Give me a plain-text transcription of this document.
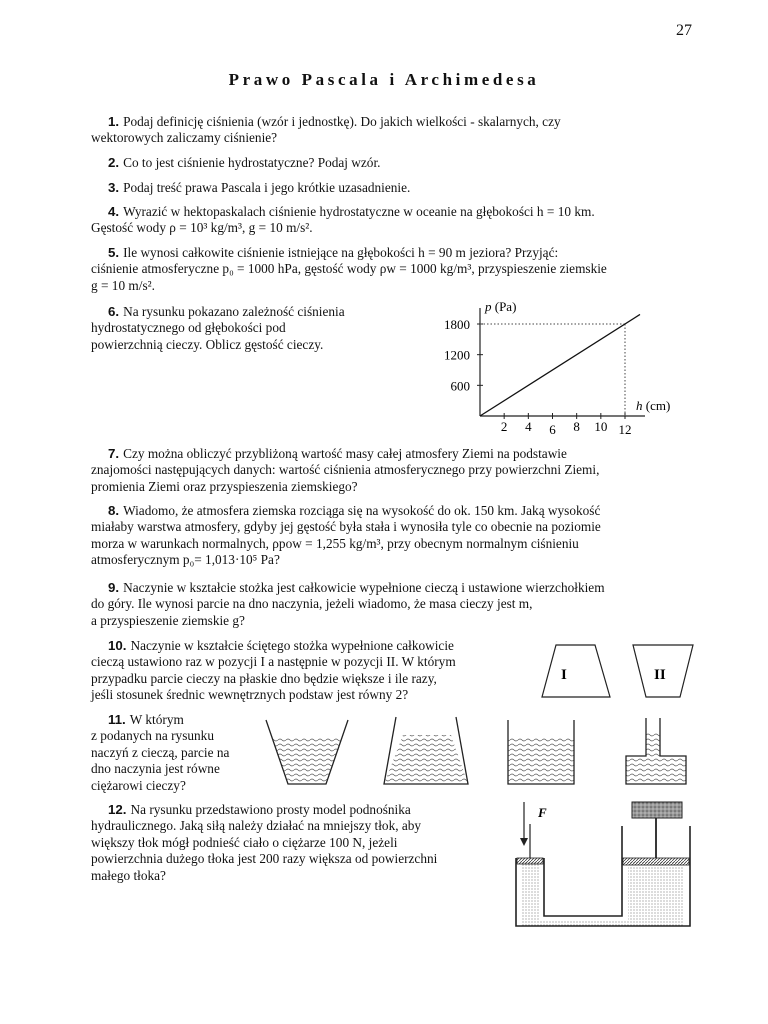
27
Prawo Pascala i Archimedesa
1. Podaj definicję ciśnienia (wzór i jednostkę). Do jakich wielkości - skalarnych, czy
wektorowych zaliczamy ciśnienie?
2. Co to jest ciśnienie hydrostatyczne? Podaj wzór.
3. Podaj treść prawa Pascala i jego krótkie uzasadnienie.
4. Wyrazić w hektopaskalach ciśnienie hydrostatyczne w oceanie na głębokości h = 10 km.
Gęstość wody ρ = 10³ kg/m³, g = 10 m/s².
5. Ile wynosi całkowite ciśnienie istniejące na głębokości h = 90 m jeziora? Przyjąć:
ciśnienie atmosferyczne p₀ = 1000 hPa, gęstość wody ρw = 1000 kg/m³, przyspieszenie ziemskie
g = 10 m/s².
6. Na rysunku pokazano zależność ciśnienia
hydrostatycznego od głębokości pod
powierzchnią cieczy. Oblicz gęstość cieczy.
p (Pa)
h (cm)
600
1200
1800
2 4 6 8 10 12
7. Czy można obliczyć przybliżoną wartość masy całej atmosfery Ziemi na podstawie
znajomości następujących danych: wartość ciśnienia atmosferycznego przy powierzchni Ziemi,
promienia Ziemi oraz przyspieszenia ziemskiego?
8. Wiadomo, że atmosfera ziemska rozciąga się na wysokość do ok. 150 km. Jaką wysokość
miałaby warstwa atmosfery, gdyby jej gęstość była stała i wynosiła tyle co obecnie na poziomie
morza w warunkach normalnych, ρpow = 1,255 kg/m³, przy obecnym normalnym ciśnieniu
atmosferycznym p₀= 1,013·10⁵ Pa?
9. Naczynie w kształcie stożka jest całkowicie wypełnione cieczą i ustawione wierzchołkiem
do góry. Ile wynosi parcie na dno naczynia, jeżeli wiadomo, że masa cieczy jest m,
a przyspieszenie ziemskie g?
10. Naczynie w kształcie ściętego stożka wypełnione całkowicie
cieczą ustawiono raz w pozycji I a następnie w pozycji II. W którym
przypadku parcie cieczy na płaskie dno będzie większe i ile razy,
jeśli stosunek średnic wewnętrznych podstaw jest równy 2?
I	II
11. W którym
z podanych na rysunku
naczyń z cieczą, parcie na
dno naczynia jest równe
ciężarowi cieczy?
12. Na rysunku przedstawiono prosty model podnośnika
hydraulicznego. Jaką siłą należy działać na mniejszy tłok, aby
większy tłok mógł podnieść ciało o ciężarze 100 N, jeżeli
powierzchnia dużego tłoka jest 200 razy większa od powierzchni
małego tłoka?
F
